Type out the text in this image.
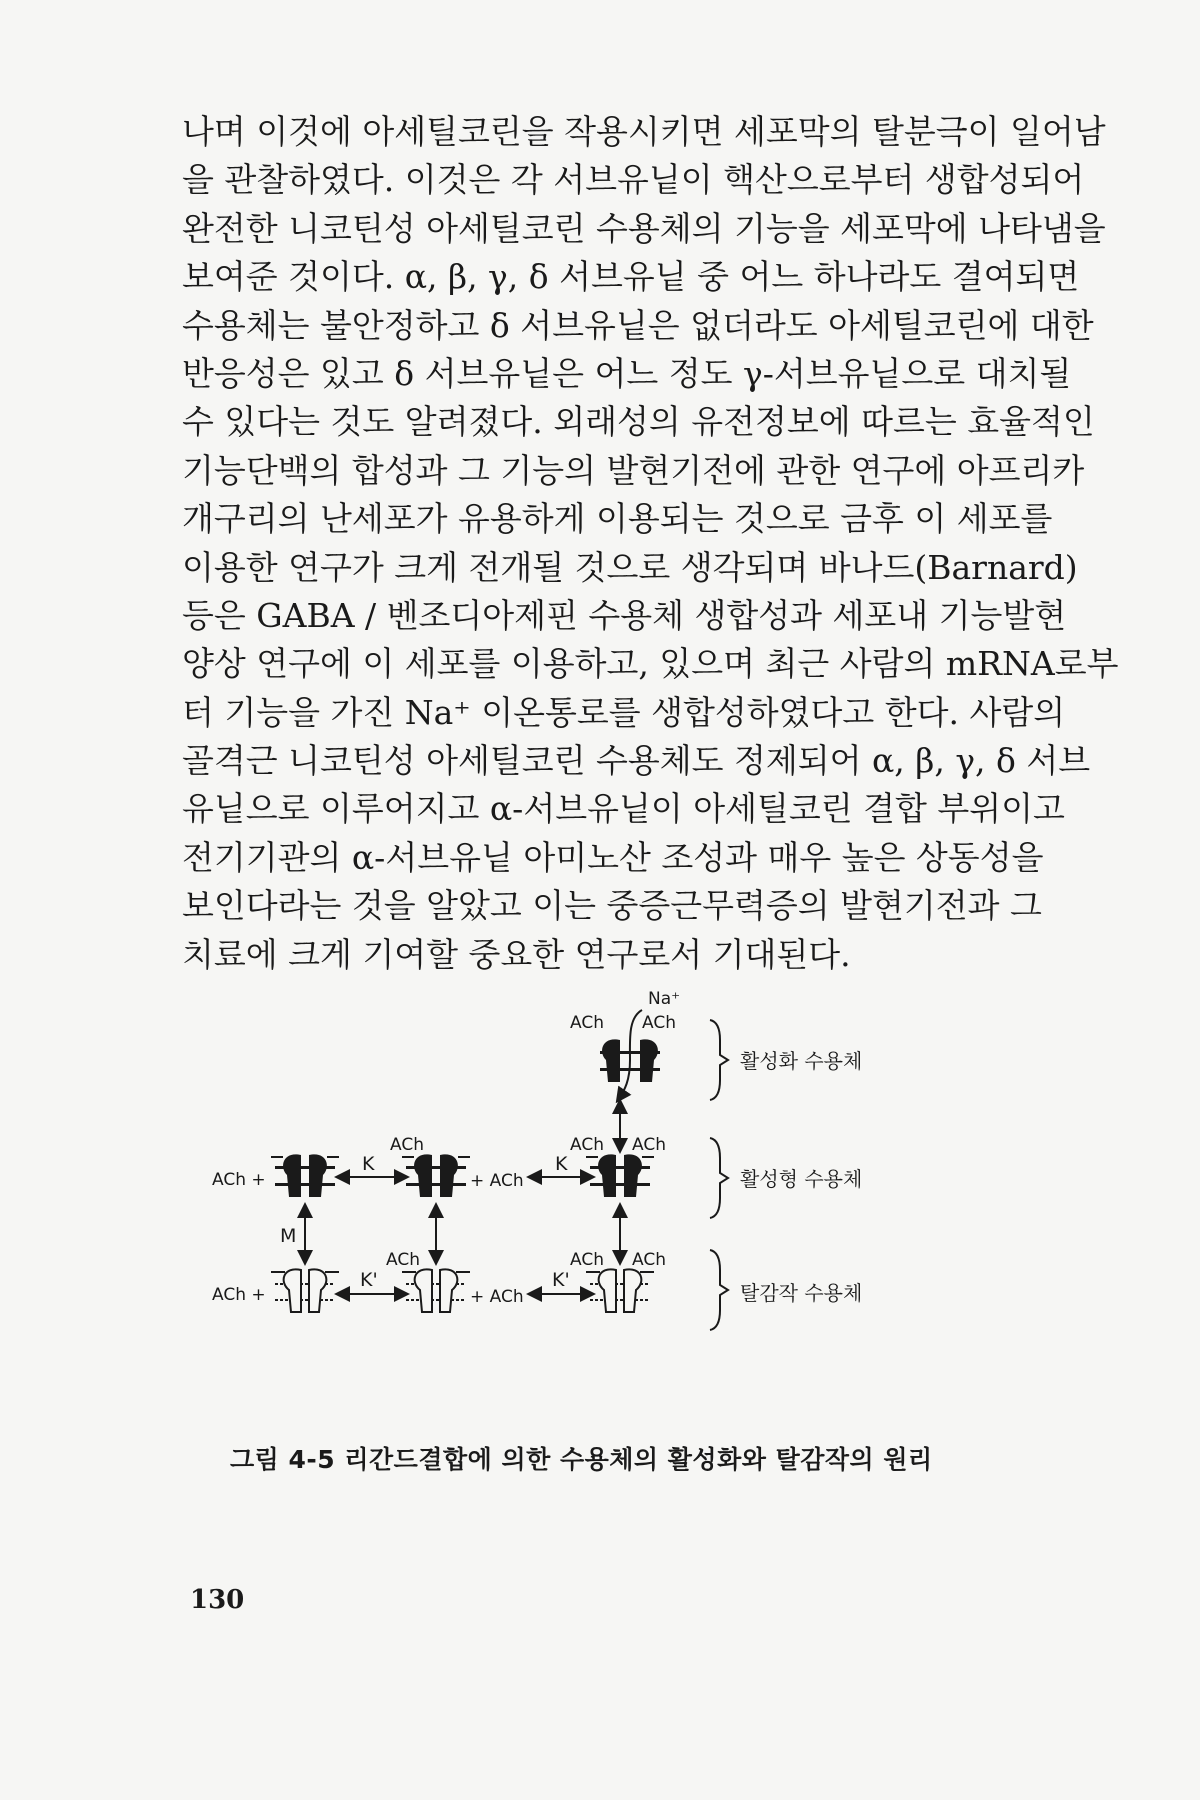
나며 이것에 아세틸코린을 작용시키면 세포막의 탈분극이 일어남
을 관찰하였다. 이것은 각 서브유닡이 핵산으로부터 생합성되어
완전한 니코틴성 아세틸코린 수용체의 기능을 세포막에 나타냄을
보여준 것이다. α, β, γ, δ 서브유닡 중 어느 하나라도 결여되면
수용체는 불안정하고 δ 서브유닡은 없더라도 아세틸코린에 대한
반응성은 있고 δ 서브유닡은 어느 정도 γ-서브유닡으로 대치될
수 있다는 것도 알려졌다. 외래성의 유전정보에 따르는 효율적인
기능단백의 합성과 그 기능의 발현기전에 관한 연구에 아프리카
개구리의 난세포가 유용하게 이용되는 것으로 금후 이 세포를
이용한 연구가 크게 전개될 것으로 생각되며 바나드(Barnard)
등은 GABA / 벤조디아제핀 수용체 생합성과 세포내 기능발현
양상 연구에 이 세포를 이용하고, 있으며 최근 사람의 mRNA로부
터 기능을 가진 Na⁺ 이온통로를 생합성하였다고 한다. 사람의
골격근 니코틴성 아세틸코린 수용체도 정제되어 α, β, γ, δ 서브
유닡으로 이루어지고 α-서브유닡이 아세틸코린 결합 부위이고
전기기관의 α-서브유닡 아미노산 조성과 매우 높은 상동성을
보인다라는 것을 알았고 이는 중증근무력증의 발현기전과 그
치료에 크게 기여할 중요한 연구로서 기대된다.
Na⁺
ACh ACh
활성화 수용체
ACh +
K
ACh
+ ACh
K
ACh ACh
활성형 수용체
M
ACh +
K'
ACh
+ ACh
K'
ACh ACh
탈감작 수용체
그림 4-5 리간드결합에 의한 수용체의 활성화와 탈감작의 원리
130
